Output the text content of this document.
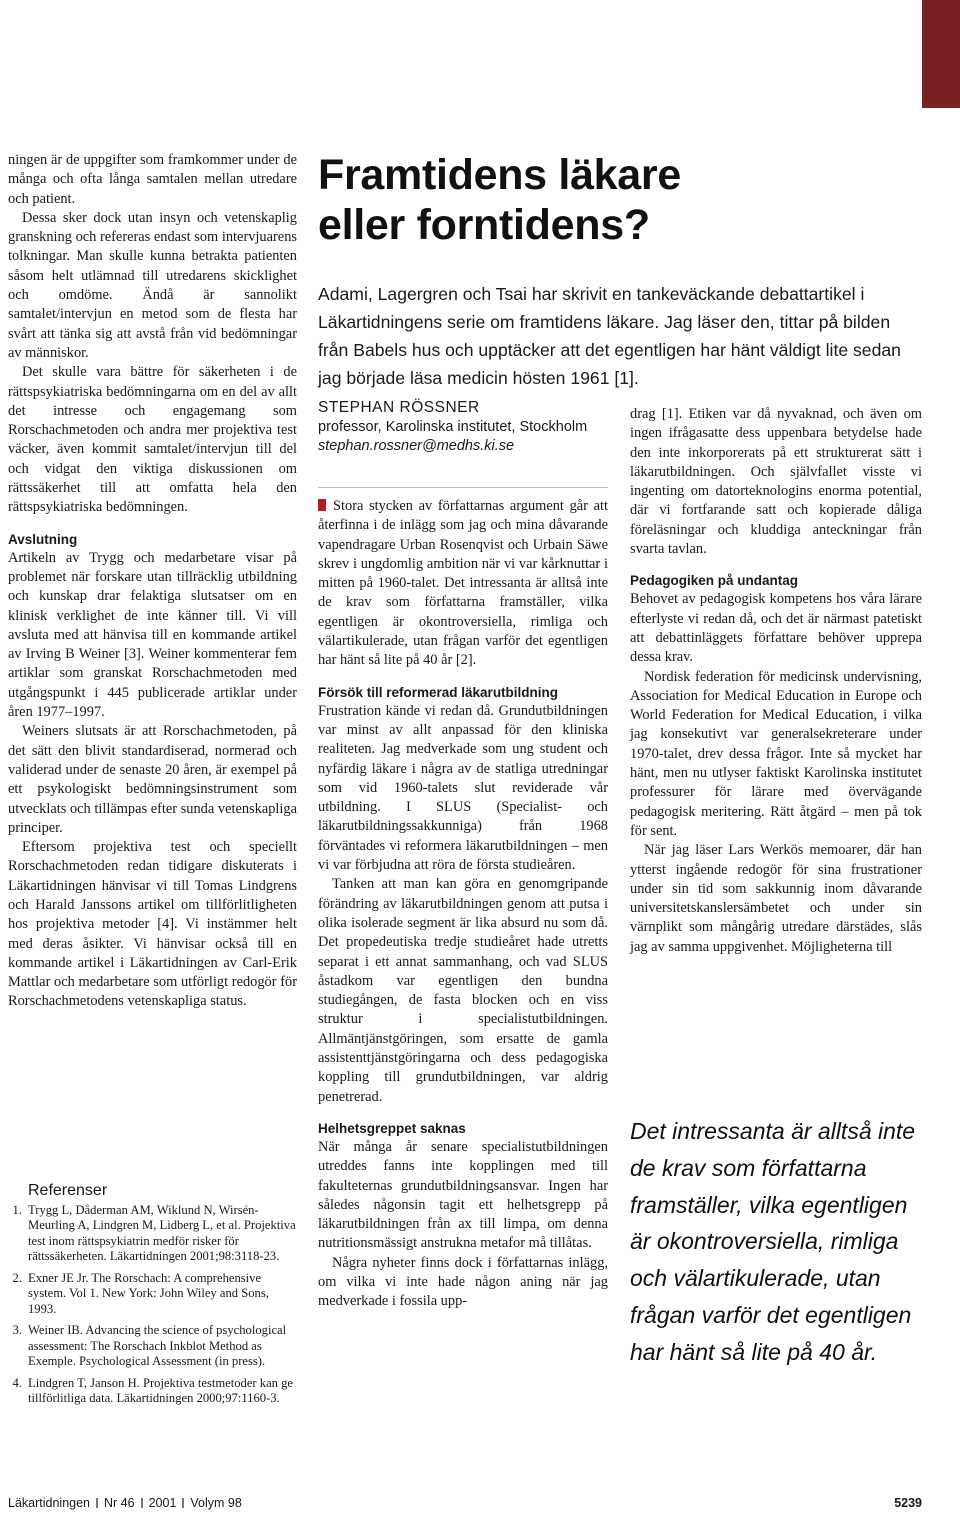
ningen är de uppgifter som framkommer under de många och ofta långa samtalen mellan utredare och patient.

Dessa sker dock utan insyn och vetenskaplig granskning och refereras endast som intervjuarens tolkningar. Man skulle kunna betrakta patienten såsom helt utlämnad till utredarens skicklighet och omdöme. Ändå är sannolikt samtalet/intervjun en metod som de flesta har svårt att tänka sig att avstå från vid bedömningar av människor.

Det skulle vara bättre för säkerheten i de rättspsykiatriska bedömningarna om en del av allt det intresse och engagemang som Rorschachmetoden och andra mer projektiva test väcker, även kommit samtalet/intervjun till del och vidgat den viktiga diskussionen om rättssäkerhet till att omfatta hela den rättspsykiatriska bedömningen.

Avslutning

Artikeln av Trygg och medarbetare visar på problemet när forskare utan tillräcklig utbildning och kunskap drar felaktiga slutsatser om en klinisk verklighet de inte känner till. Vi vill avsluta med att hänvisa till en kommande artikel av Irving B Weiner [3]. Weiner kommenterar fem artiklar som granskat Rorschachmetoden med utgångspunkt i 445 publicerade artiklar under åren 1977–1997.

Weiners slutsats är att Rorschachmetoden, på det sätt den blivit standardiserad, normerad och validerad under de senaste 20 åren, är exempel på ett psykologiskt bedömningsinstrument som utvecklats och tillämpas efter sunda vetenskapliga principer.

Eftersom projektiva test och speciellt Rorschachmetoden redan tidigare diskuterats i Läkartidningen hänvisar vi till Tomas Lindgrens och Harald Janssons artikel om tillförlitligheten hos projektiva metoder [4]. Vi instämmer helt med deras åsikter. Vi hänvisar också till en kommande artikel i Läkartidningen av Carl-Erik Mattlar och medarbetare som utförligt redogör för Rorschachmetodens vetenskapliga status.

Referenser
1. Trygg L, Dåderman AM, Wiklund N, Wirsén-Meurling A, Lindgren M, Lidberg L, et al. Projektiva test inom rättspsykiatrin medför risker för rättssäkerheten. Läkartidningen 2001;98:3118-23.
2. Exner JE Jr. The Rorschach: A comprehensive system. Vol 1. New York: John Wiley and Sons, 1993.
3. Weiner IB. Advancing the science of psychological assessment: The Rorschach Inkblot Method as Exemple. Psychological Assessment (in press).
4. Lindgren T, Janson H. Projektiva testmetoder kan ge tillförlitliga data. Läkartidningen 2000;97:1160-3.
Framtidens läkare
eller forntidens?

Adami, Lagergren och Tsai har skrivit en tankeväckande debattartikel i Läkartidningens serie om framtidens läkare. Jag läser den, tittar på bilden från Babels hus och upptäcker att det egentligen har hänt väldigt lite sedan jag började läsa medicin hösten 1961 [1].

STEPHAN RÖSSNER
professor, Karolinska institutet, Stockholm
stephan.rossner@medhs.ki.se

Stora stycken av författarnas argument går att återfinna i de inlägg som jag och mina dåvarande vapendragare Urban Rosenqvist och Urbain Säwe skrev i ungdomlig ambition när vi var kårknuttar i mitten på 1960-talet. Det intressanta är alltså inte de krav som författarna framställer, vilka egentligen är okontroversiella, rimliga och välartikulerade, utan frågan varför det egentligen har hänt så lite på 40 år [2].

Försök till reformerad läkarutbildning

Frustration kände vi redan då. Grundutbildningen var minst av allt anpassad för den kliniska realiteten. Jag medverkade som ung student och nyfärdig läkare i några av de statliga utredningar som vid 1960-talets slut reviderade vår utbildning. I SLUS (Specialist- och läkarutbildningssakkunniga) från 1968 förväntades vi reformera läkarutbildningen – men vi var förbjudna att röra de första studieåren.

Tanken att man kan göra en genomgripande förändring av läkarutbildningen genom att putsa i olika isolerade segment är lika absurd nu som då. Det propedeutiska tredje studieåret hade utretts separat i ett annat sammanhang, och vad SLUS åstadkom var egentligen den bundna studiegången, de fasta blocken och en viss struktur i specialistutbildningen. Allmäntjänstgöringen, som ersatte de gamla assistenttjänstgöringarna och dess pedagogiska koppling till grundutbildningen, var aldrig penetrerad.

Helhetsgreppet saknas

När många år senare specialistutbildningen utreddes fanns inte kopplingen med till fakulteternas grundutbildningsansvar. Ingen har således någonsin tagit ett helhetsgrepp på läkarutbildningen från ax till limpa, om denna nutritionsmässigt anstrukna metafor må tillåtas.

Några nyheter finns dock i författarnas inlägg, om vilka vi inte hade någon aning när jag medverkade i fossila upp-

drag [1]. Etiken var då nyvaknad, och även om ingen ifrågasatte dess uppenbara betydelse hade den inte inkorporerats på ett strukturerat sätt i läkarutbildningen. Och självfallet visste vi ingenting om datorteknologins enorma potential, där vi fortfarande satt och kopierade dåliga föreläsningar och kluddiga anteckningar från svarta tavlan.

Pedagogiken på undantag

Behovet av pedagogisk kompetens hos våra lärare efterlyste vi redan då, och det är närmast patetiskt att debattinläggets författare behöver upprepa dessa krav.

Nordisk federation för medicinsk undervisning, Association for Medical Education in Europe och World Federation for Medical Education, i vilka jag konsekutivt var generalsekreterare under 1970-talet, drev dessa frågor. Inte så mycket har hänt, men nu utlyser faktiskt Karolinska institutet professurer för lärare med övervägande pedagogisk meritering. Rätt åtgärd – men på tok för sent.

När jag läser Lars Werkös memoarer, där han ytterst ingående redogör för sina frustrationer under sin tid som sakkunnig inom dåvarande universitetskanslersämbetet och under sin värnplikt som mångårig utredare därstädes, slås jag av samma uppgivenhet. Möjligheterna till

Det intressanta är alltså inte de krav som författarna framställer, vilka egentligen är okontroversiella, rimliga och välartikulerade, utan frågan varför det egentligen har hänt så lite på 40 år.

Läkartidningen Nr 46 2001 Volym 98	5239
